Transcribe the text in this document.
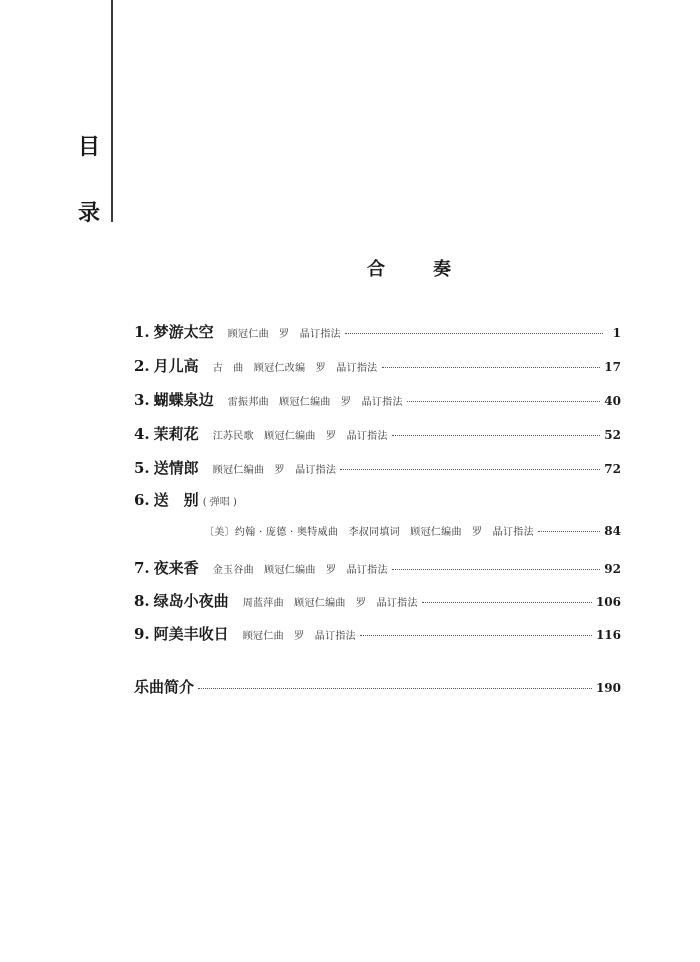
目
录
合	奏
1. 梦游太空 顾冠仁曲　罗　晶订指法	1
2. 月儿高 古　曲　顾冠仁改编　罗　晶订指法	17
3. 蝴蝶泉边 雷振邦曲　顾冠仁编曲　罗　晶订指法	40
4. 茉莉花 江苏民歌　顾冠仁编曲　罗　晶订指法	52
5. 送情郎 顾冠仁编曲　罗　晶订指法	72
6. 送　别 ( 弹唱 )
〔美〕约翰 · 庞德 · 奥特威曲　李叔同填词　顾冠仁编曲　罗　晶订指法	84
7. 夜来香 金玉谷曲　顾冠仁编曲　罗　晶订指法	92
8. 绿岛小夜曲 周蓝萍曲　顾冠仁编曲　罗　晶订指法	106
9. 阿美丰收日 顾冠仁曲　罗　晶订指法	116
乐曲简介	190
